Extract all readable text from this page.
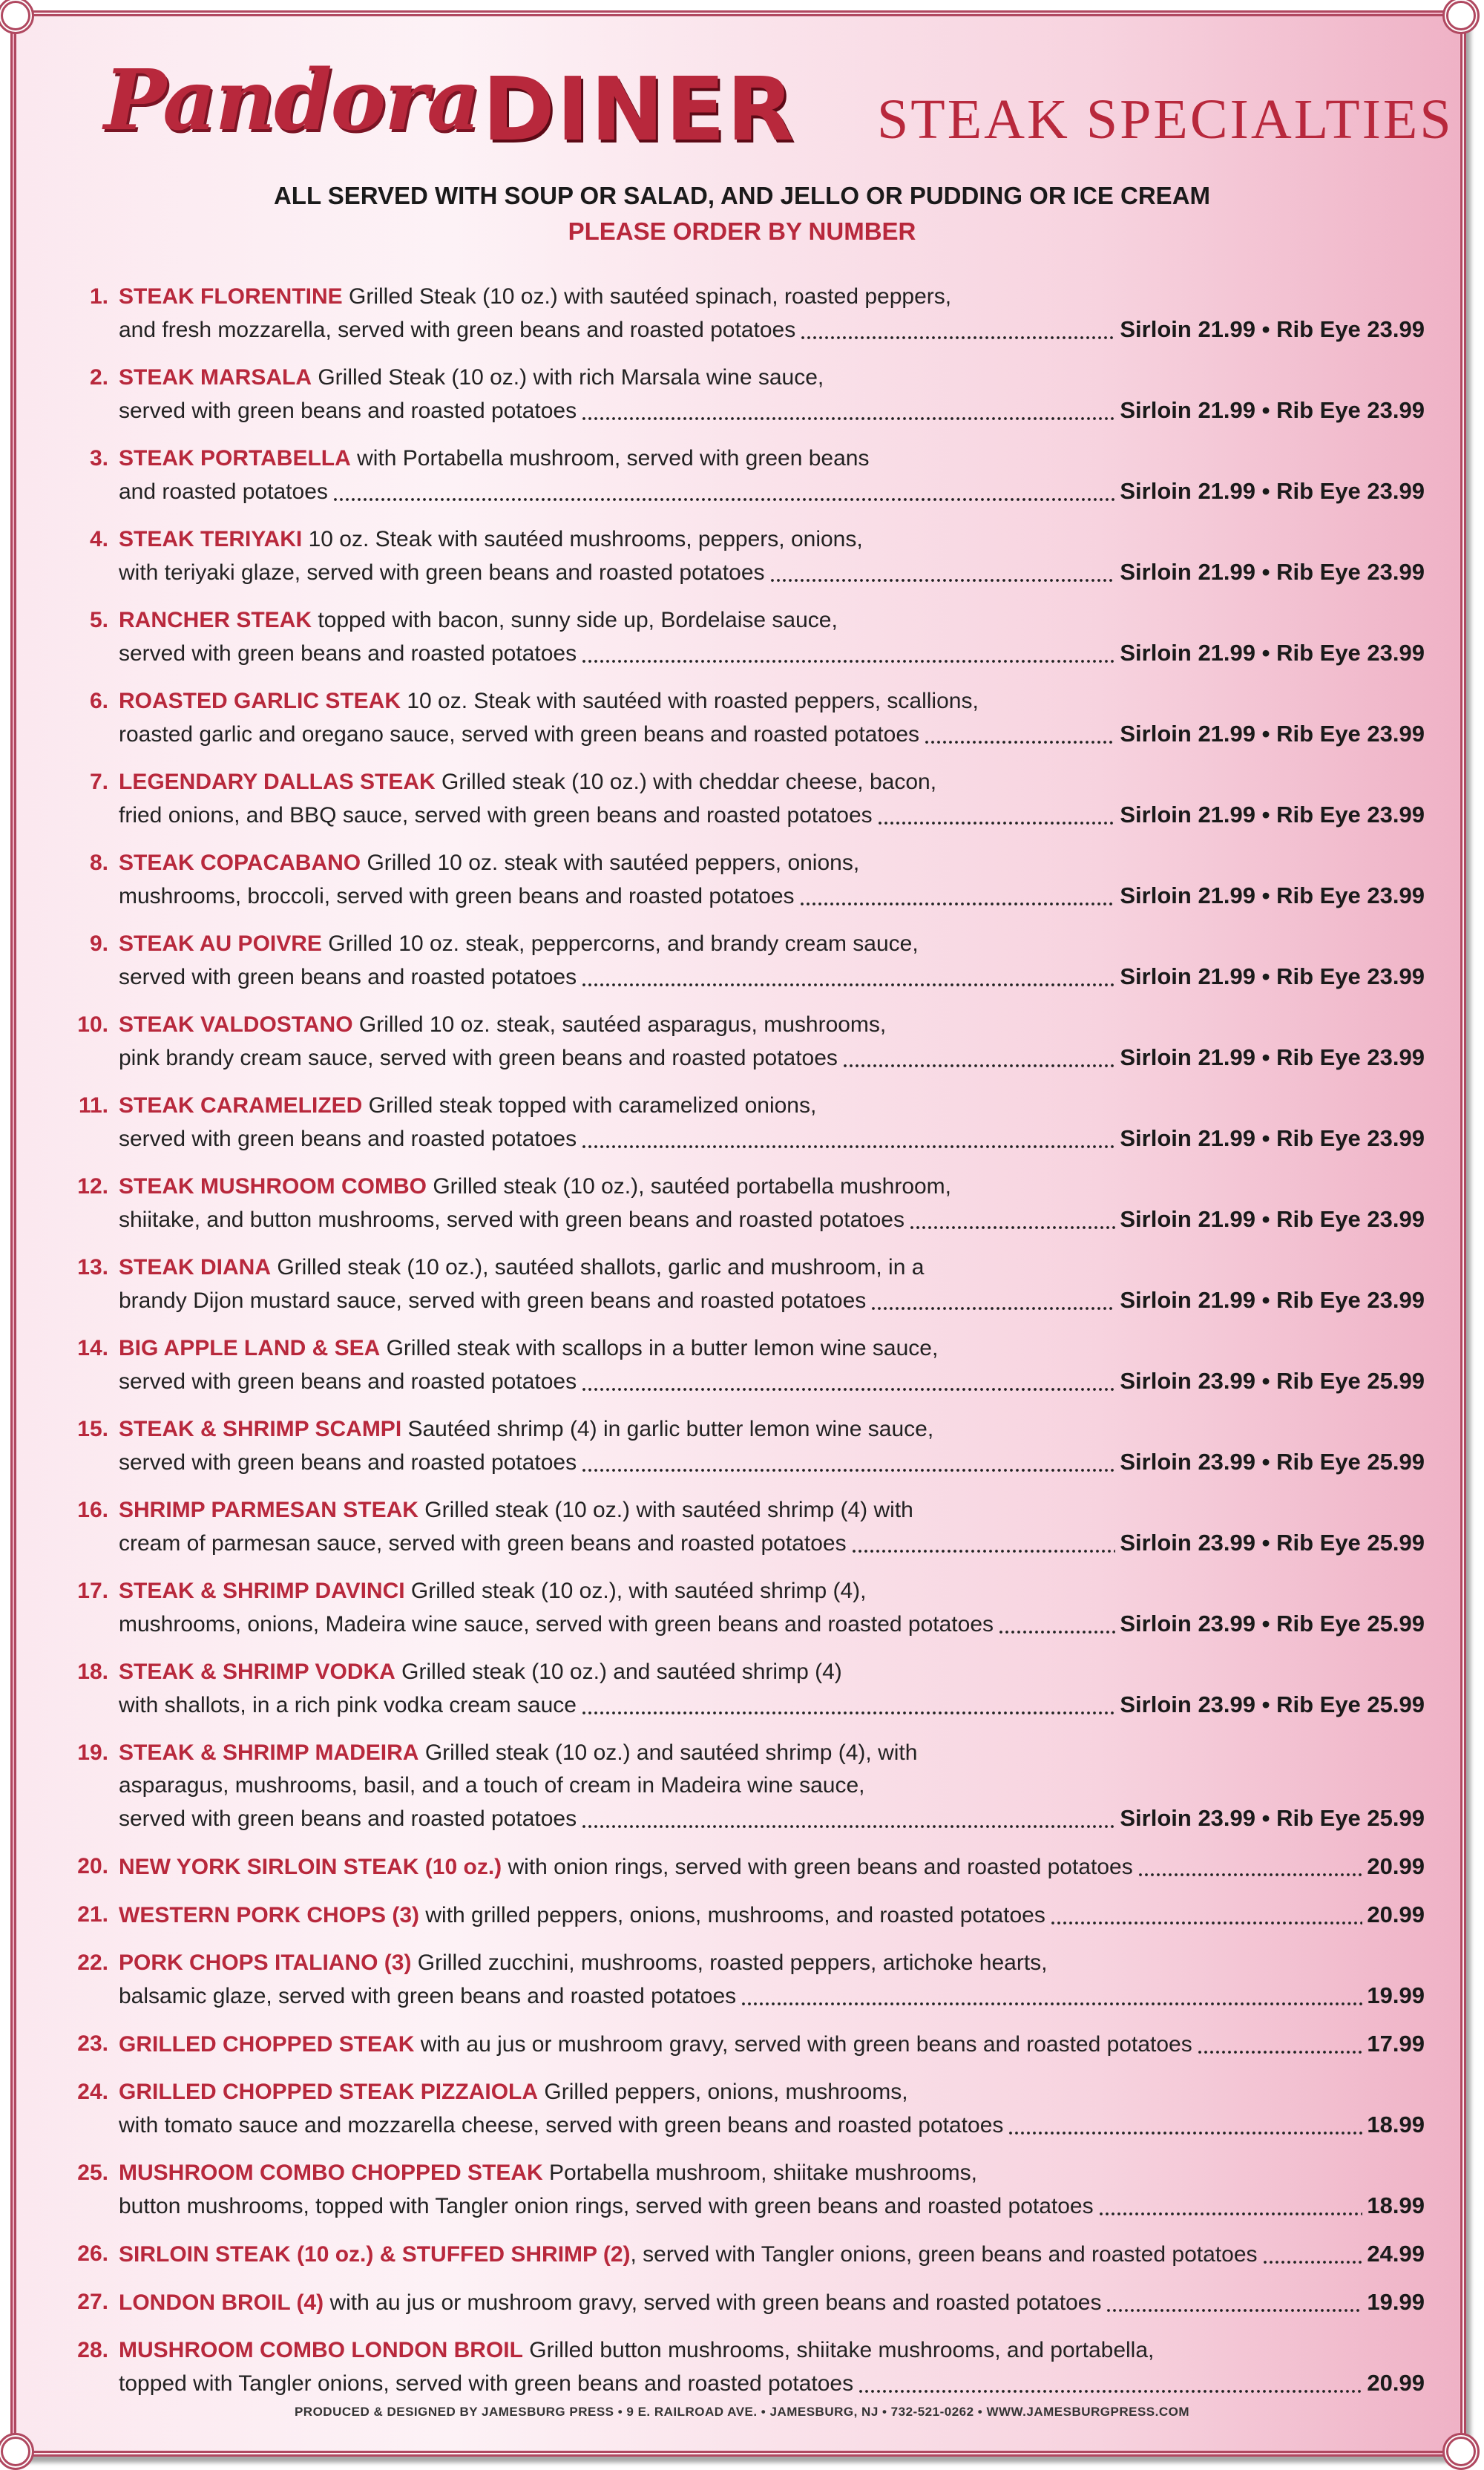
Pandora DINER STEAK SPECIALTIES
ALL SERVED WITH SOUP OR SALAD, AND JELLO OR PUDDING OR ICE CREAM
PLEASE ORDER BY NUMBER
1. STEAK FLORENTINE Grilled Steak (10 oz.) with sautéed spinach, roasted peppers,
and fresh mozzarella, served with green beans and roasted potatoes	Sirloin 21.99 • Rib Eye 23.99
2. STEAK MARSALA Grilled Steak (10 oz.) with rich Marsala wine sauce,
served with green beans and roasted potatoes	Sirloin 21.99 • Rib Eye 23.99
3. STEAK PORTABELLA with Portabella mushroom, served with green beans
and roasted potatoes	Sirloin 21.99 • Rib Eye 23.99
4. STEAK TERIYAKI 10 oz. Steak with sautéed mushrooms, peppers, onions,
with teriyaki glaze, served with green beans and roasted potatoes	Sirloin 21.99 • Rib Eye 23.99
5. RANCHER STEAK topped with bacon, sunny side up, Bordelaise sauce,
served with green beans and roasted potatoes	Sirloin 21.99 • Rib Eye 23.99
6. ROASTED GARLIC STEAK 10 oz. Steak with sautéed with roasted peppers, scallions,
roasted garlic and oregano sauce, served with green beans and roasted potatoes	Sirloin 21.99 • Rib Eye 23.99
7. LEGENDARY DALLAS STEAK Grilled steak (10 oz.) with cheddar cheese, bacon,
fried onions, and BBQ sauce, served with green beans and roasted potatoes	Sirloin 21.99 • Rib Eye 23.99
8. STEAK COPACABANO Grilled 10 oz. steak with sautéed peppers, onions,
mushrooms, broccoli, served with green beans and roasted potatoes	Sirloin 21.99 • Rib Eye 23.99
9. STEAK AU POIVRE Grilled 10 oz. steak, peppercorns, and brandy cream sauce,
served with green beans and roasted potatoes	Sirloin 21.99 • Rib Eye 23.99
10. STEAK VALDOSTANO Grilled 10 oz. steak, sautéed asparagus, mushrooms,
pink brandy cream sauce, served with green beans and roasted potatoes	Sirloin 21.99 • Rib Eye 23.99
11. STEAK CARAMELIZED Grilled steak topped with caramelized onions,
served with green beans and roasted potatoes	Sirloin 21.99 • Rib Eye 23.99
12. STEAK MUSHROOM COMBO Grilled steak (10 oz.), sautéed portabella mushroom,
shiitake, and button mushrooms, served with green beans and roasted potatoes	Sirloin 21.99 • Rib Eye 23.99
13. STEAK DIANA Grilled steak (10 oz.), sautéed shallots, garlic and mushroom, in a
brandy Dijon mustard sauce, served with green beans and roasted potatoes	Sirloin 21.99 • Rib Eye 23.99
14. BIG APPLE LAND & SEA Grilled steak with scallops in a butter lemon wine sauce,
served with green beans and roasted potatoes	Sirloin 23.99 • Rib Eye 25.99
15. STEAK & SHRIMP SCAMPI Sautéed shrimp (4) in garlic butter lemon wine sauce,
served with green beans and roasted potatoes	Sirloin 23.99 • Rib Eye 25.99
16. SHRIMP PARMESAN STEAK Grilled steak (10 oz.) with sautéed shrimp (4) with
cream of parmesan sauce, served with green beans and roasted potatoes	Sirloin 23.99 • Rib Eye 25.99
17. STEAK & SHRIMP DAVINCI Grilled steak (10 oz.), with sautéed shrimp (4),
mushrooms, onions, Madeira wine sauce, served with green beans and roasted potatoes	Sirloin 23.99 • Rib Eye 25.99
18. STEAK & SHRIMP VODKA Grilled steak (10 oz.) and sautéed shrimp (4)
with shallots, in a rich pink vodka cream sauce	Sirloin 23.99 • Rib Eye 25.99
19. STEAK & SHRIMP MADEIRA Grilled steak (10 oz.) and sautéed shrimp (4), with
asparagus, mushrooms, basil, and a touch of cream in Madeira wine sauce,
served with green beans and roasted potatoes	Sirloin 23.99 • Rib Eye 25.99
20. NEW YORK SIRLOIN STEAK (10 oz.) with onion rings, served with green beans and roasted potatoes	20.99
21. WESTERN PORK CHOPS (3) with grilled peppers, onions, mushrooms, and roasted potatoes	20.99
22. PORK CHOPS ITALIANO (3) Grilled zucchini, mushrooms, roasted peppers, artichoke hearts,
balsamic glaze, served with green beans and roasted potatoes	19.99
23. GRILLED CHOPPED STEAK with au jus or mushroom gravy, served with green beans and roasted potatoes	17.99
24. GRILLED CHOPPED STEAK PIZZAIOLA Grilled peppers, onions, mushrooms,
with tomato sauce and mozzarella cheese, served with green beans and roasted potatoes	18.99
25. MUSHROOM COMBO CHOPPED STEAK Portabella mushroom, shiitake mushrooms,
button mushrooms, topped with Tangler onion rings, served with green beans and roasted potatoes	18.99
26. SIRLOIN STEAK (10 oz.) & STUFFED SHRIMP (2), served with Tangler onions, green beans and roasted potatoes	24.99
27. LONDON BROIL (4) with au jus or mushroom gravy, served with green beans and roasted potatoes	19.99
28. MUSHROOM COMBO LONDON BROIL Grilled button mushrooms, shiitake mushrooms, and portabella,
topped with Tangler onions, served with green beans and roasted potatoes	20.99
PRODUCED & DESIGNED BY JAMESBURG PRESS • 9 E. RAILROAD AVE. • JAMESBURG, NJ • 732-521-0262 • WWW.JAMESBURGPRESS.COM
